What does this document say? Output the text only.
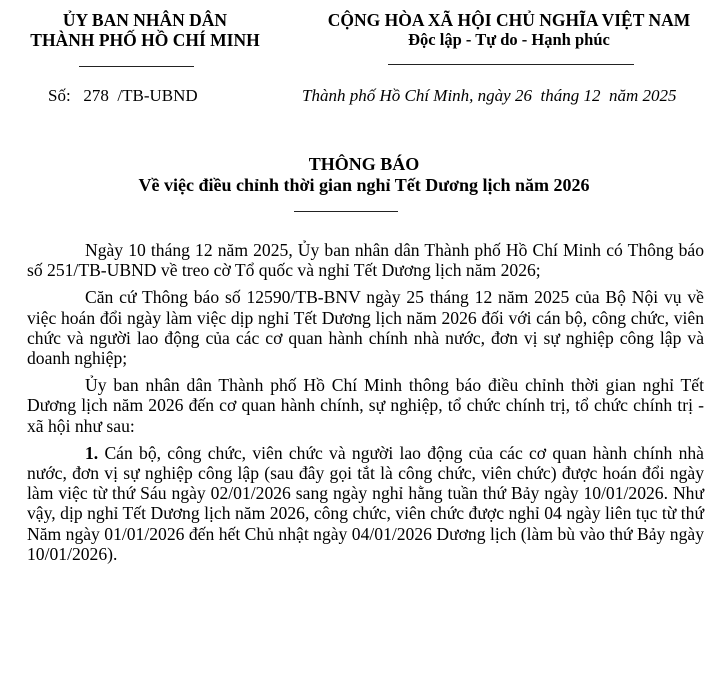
ỦY BAN NHÂN DÂN
THÀNH PHỐ HỒ CHÍ MINH
CỘNG HÒA XÃ HỘI CHỦ NGHĨA VIỆT NAM
Độc lập - Tự do - Hạnh phúc
Số:   278  /TB-UBND	Thành phố Hồ Chí Minh, ngày 26  tháng 12  năm 2025
THÔNG BÁO
Về việc điều chỉnh thời gian nghỉ Tết Dương lịch năm 2026

Ngày 10 tháng 12 năm 2025, Ủy ban nhân dân Thành phố Hồ Chí Minh có Thông báo số 251/TB-UBND về treo cờ Tổ quốc và nghỉ Tết Dương lịch năm 2026;

Căn cứ Thông báo số 12590/TB-BNV ngày 25 tháng 12 năm 2025 của Bộ Nội vụ về việc hoán đổi ngày làm việc dịp nghỉ Tết Dương lịch năm 2026 đối với cán bộ, công chức, viên chức và người lao động của các cơ quan hành chính nhà nước, đơn vị sự nghiệp công lập và doanh nghiệp;

Ủy ban nhân dân Thành phố Hồ Chí Minh thông báo điều chỉnh thời gian nghỉ Tết Dương lịch năm 2026 đến cơ quan hành chính, sự nghiệp, tổ chức chính trị, tổ chức chính trị - xã hội như sau:

1. Cán bộ, công chức, viên chức và người lao động của các cơ quan hành chính nhà nước, đơn vị sự nghiệp công lập (sau đây gọi tắt là công chức, viên chức) được hoán đổi ngày làm việc từ thứ Sáu ngày 02/01/2026 sang ngày nghỉ hằng tuần thứ Bảy ngày 10/01/2026. Như vậy, dịp nghỉ Tết Dương lịch năm 2026, công chức, viên chức được nghỉ 04 ngày liên tục từ thứ Năm ngày 01/01/2026 đến hết Chủ nhật ngày 04/01/2026 Dương lịch (làm bù vào thứ Bảy ngày 10/01/2026).
